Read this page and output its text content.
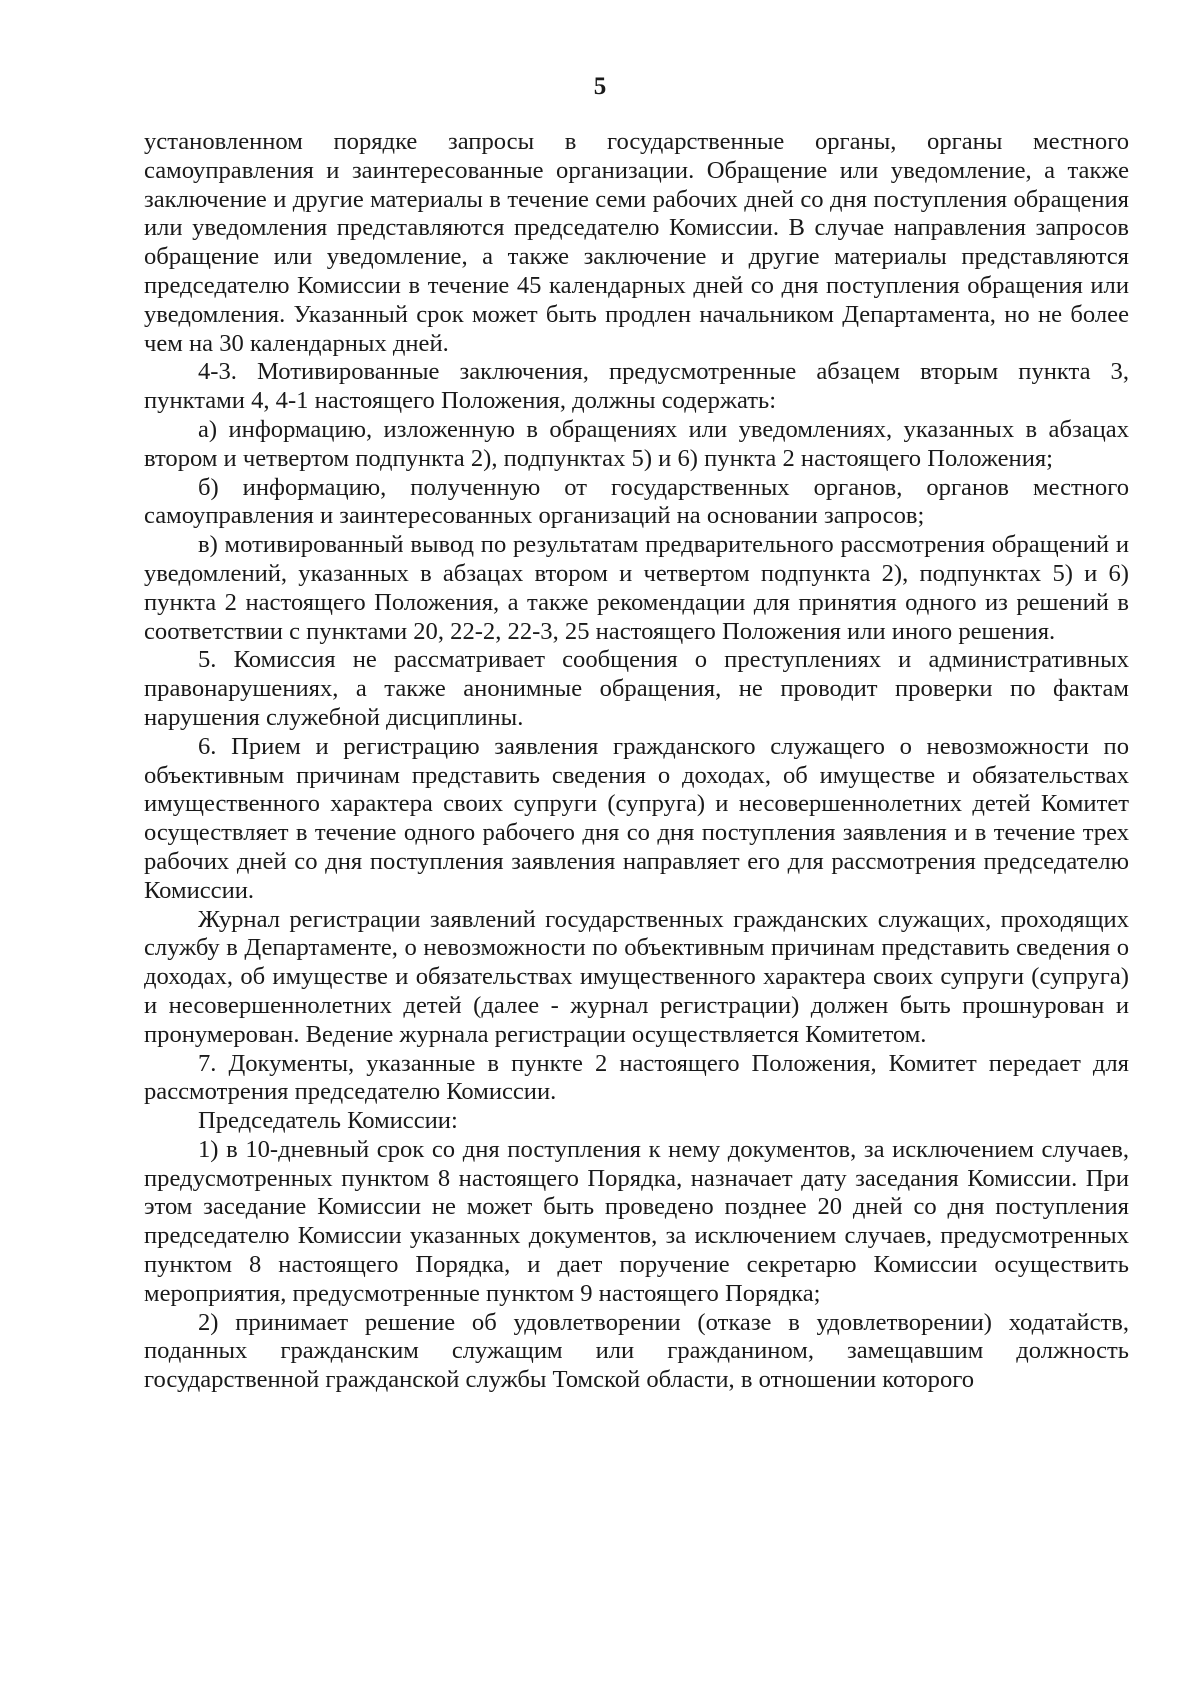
5

установленном порядке запросы в государственные органы, органы местного самоуправления и заинтересованные организации. Обращение или уведомление, а также заключение и другие материалы в течение семи рабочих дней со дня поступления обращения или уведомления представляются председателю Комиссии. В случае направления запросов обращение или уведомление, а также заключение и другие материалы представляются председателю Комиссии в течение 45 календарных дней со дня поступления обращения или уведомления. Указанный срок может быть продлен начальником Департамента, но не более чем на 30 календарных дней.

4-3. Мотивированные заключения, предусмотренные абзацем вторым пункта 3, пунктами 4, 4-1 настоящего Положения, должны содержать:

а) информацию, изложенную в обращениях или уведомлениях, указанных в абзацах втором и четвертом подпункта 2), подпунктах 5) и 6) пункта 2 настоящего Положения;

б) информацию, полученную от государственных органов, органов местного самоуправления и заинтересованных организаций на основании запросов;

в) мотивированный вывод по результатам предварительного рассмотрения обращений и уведомлений, указанных в абзацах втором и четвертом подпункта 2), подпунктах 5) и 6) пункта 2 настоящего Положения, а также рекомендации для принятия одного из решений в соответствии с пунктами 20, 22-2, 22-3, 25 настоящего Положения или иного решения.

5. Комиссия не рассматривает сообщения о преступлениях и административных правонарушениях, а также анонимные обращения, не проводит проверки по фактам нарушения служебной дисциплины.

6. Прием и регистрацию заявления гражданского служащего о невозможности по объективным причинам представить сведения о доходах, об имуществе и обязательствах имущественного характера своих супруги (супруга) и несовершеннолетних детей Комитет осуществляет в течение одного рабочего дня со дня поступления заявления и в течение трех рабочих дней со дня поступления заявления направляет его для рассмотрения председателю Комиссии.

Журнал регистрации заявлений государственных гражданских служащих, проходящих службу в Департаменте, о невозможности по объективным причинам представить сведения о доходах, об имуществе и обязательствах имущественного характера своих супруги (супруга) и несовершеннолетних детей (далее - журнал регистрации) должен быть прошнурован и пронумерован. Ведение журнала регистрации осуществляется Комитетом.

7. Документы, указанные в пункте 2 настоящего Положения, Комитет передает для рассмотрения председателю Комиссии.

Председатель Комиссии:

1) в 10-дневный срок со дня поступления к нему документов, за исключением случаев, предусмотренных пунктом 8 настоящего Порядка, назначает дату заседания Комиссии. При этом заседание Комиссии не может быть проведено позднее 20 дней со дня поступления председателю Комиссии указанных документов, за исключением случаев, предусмотренных пунктом 8 настоящего Порядка, и дает поручение секретарю Комиссии осуществить мероприятия, предусмотренные пунктом 9 настоящего Порядка;

2) принимает решение об удовлетворении (отказе в удовлетворении) ходатайств, поданных гражданским служащим или гражданином, замещавшим должность государственной гражданской службы Томской области, в отношении которого
